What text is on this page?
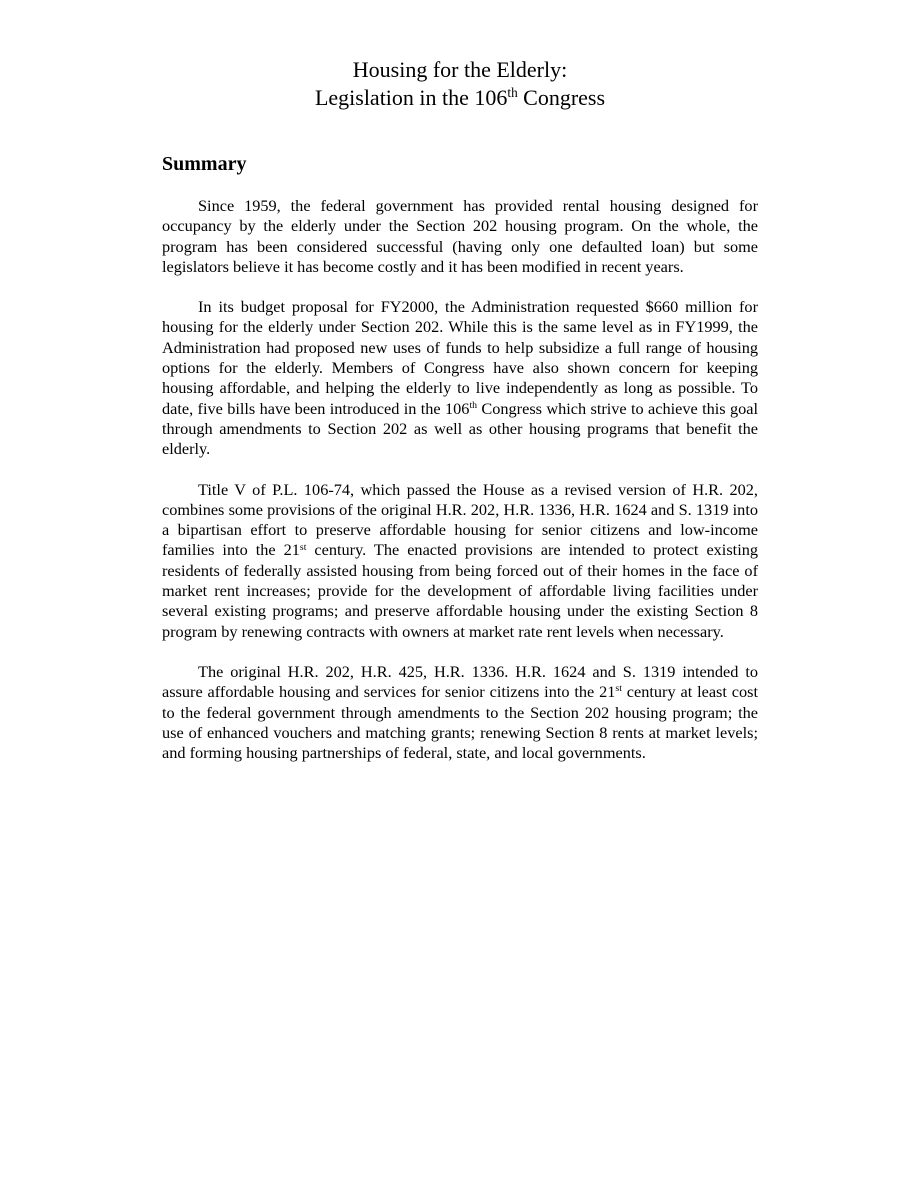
Housing for the Elderly:
Legislation in the 106th Congress
Summary

Since 1959, the federal government has provided rental housing designed for occupancy by the elderly under the Section 202 housing program. On the whole, the program has been considered successful (having only one defaulted loan) but some legislators believe it has become costly and it has been modified in recent years.

In its budget proposal for FY2000, the Administration requested $660 million for housing for the elderly under Section 202. While this is the same level as in FY1999, the Administration had proposed new uses of funds to help subsidize a full range of housing options for the elderly. Members of Congress have also shown concern for keeping housing affordable, and helping the elderly to live independently as long as possible. To date, five bills have been introduced in the 106th Congress which strive to achieve this goal through amendments to Section 202 as well as other housing programs that benefit the elderly.

Title V of P.L. 106-74, which passed the House as a revised version of H.R. 202, combines some provisions of the original H.R. 202, H.R. 1336, H.R. 1624 and S. 1319 into a bipartisan effort to preserve affordable housing for senior citizens and low-income families into the 21st century. The enacted provisions are intended to protect existing residents of federally assisted housing from being forced out of their homes in the face of market rent increases; provide for the development of affordable living facilities under several existing programs; and preserve affordable housing under the existing Section 8 program by renewing contracts with owners at market rate rent levels when necessary.

The original H.R. 202, H.R. 425, H.R. 1336. H.R. 1624 and S. 1319 intended to assure affordable housing and services for senior citizens into the 21st century at least cost to the federal government through amendments to the Section 202 housing program; the use of enhanced vouchers and matching grants; renewing Section 8 rents at market levels; and forming housing partnerships of federal, state, and local governments.
